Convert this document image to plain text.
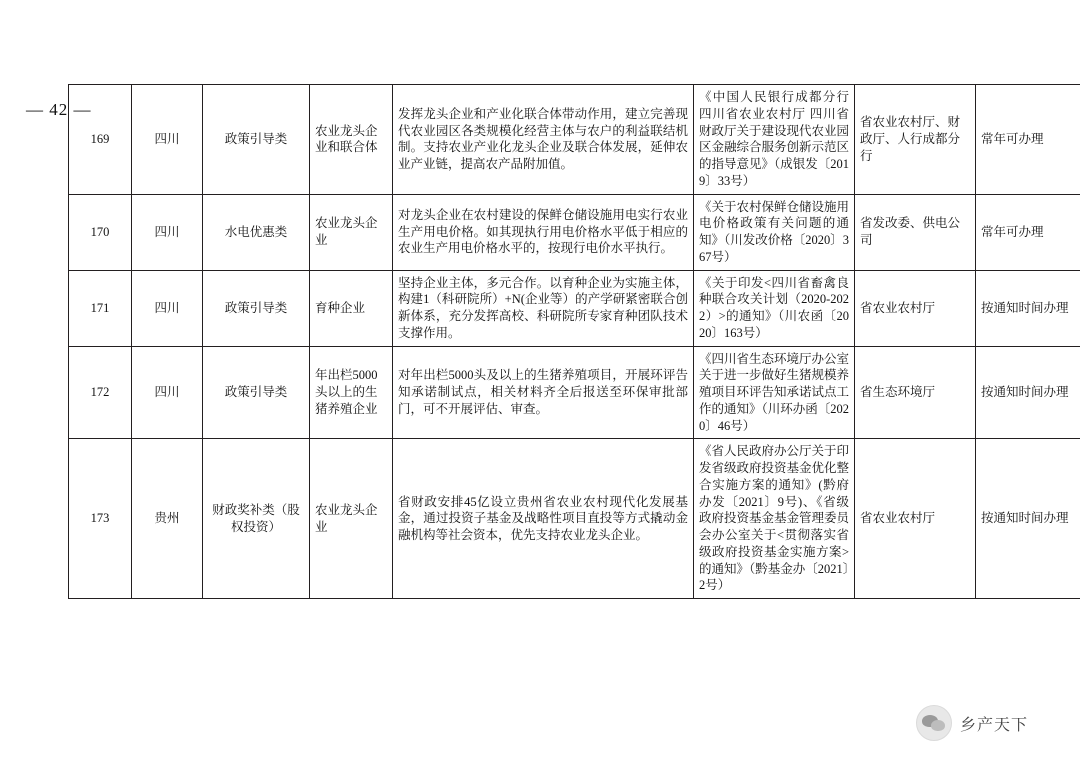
— 42 —
169	四川	政策引导类	农业龙头企业和联合体	发挥龙头企业和产业化联合体带动作用，建立完善现代农业园区各类规模化经营主体与农户的利益联结机制。支持农业产业化龙头企业及联合体发展，延伸农业产业链，提高农产品附加值。	《中国人民银行成都分行 四川省农业农村厅 四川省财政厅关于建设现代农业园区金融综合服务创新示范区的指导意见》（成银发〔2019〕33号）	省农业农村厅、财政厅、人行成都分行	常年可办理
170	四川	水电优惠类	农业龙头企业	对龙头企业在农村建设的保鲜仓储设施用电实行农业生产用电价格。如其现执行用电价格水平低于相应的农业生产用电价格水平的，按现行电价水平执行。	《关于农村保鲜仓储设施用电价格政策有关问题的通知》（川发改价格〔2020〕367号）	省发改委、供电公司	常年可办理
171	四川	政策引导类	育种企业	坚持企业主体，多元合作。以育种企业为实施主体，构建1（科研院所）+N(企业等）的产学研紧密联合创新体系，充分发挥高校、科研院所专家育种团队技术支撑作用。	《关于印发<四川省畜禽良种联合攻关计划（2020-2022）>的通知》（川农函〔2020〕163号）	省农业农村厅	按通知时间办理
172	四川	政策引导类	年出栏5000头以上的生猪养殖企业	对年出栏5000头及以上的生猪养殖项目，开展环评告知承诺制试点，相关材料齐全后报送至环保审批部门，可不开展评估、审查。	《四川省生态环境厅办公室关于进一步做好生猪规模养殖项目环评告知承诺试点工作的通知》（川环办函〔2020〕46号）	省生态环境厅	按通知时间办理
173	贵州	财政奖补类（股权投资）	农业龙头企业	省财政安排45亿设立贵州省农业农村现代化发展基金，通过投资子基金及战略性项目直投等方式撬动金融机构等社会资本，优先支持农业龙头企业。	《省人民政府办公厅关于印发省级政府投资基金优化整合实施方案的通知》(黔府办发〔2021〕9号)、《省级政府投资基金基金管理委员会办公室关于<贯彻落实省级政府投资基金实施方案>的通知》（黔基金办〔2021〕2号）	省农业农村厅	按通知时间办理
乡产天下
